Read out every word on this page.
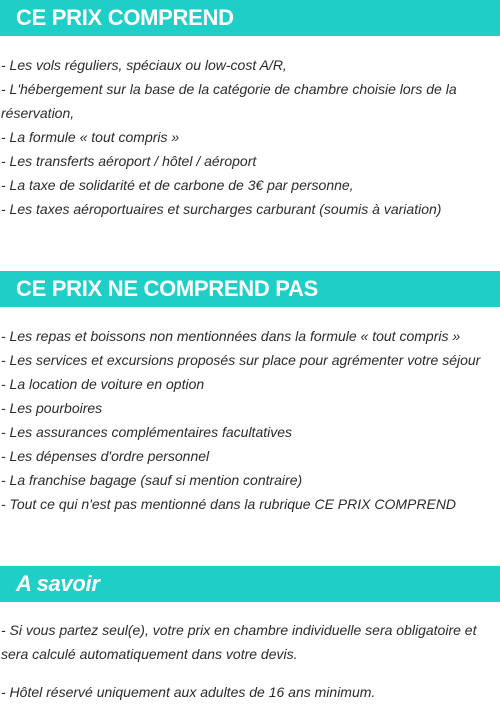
CE PRIX COMPREND
- Les vols réguliers, spéciaux ou low-cost A/R,
- L'hébergement sur la base de la catégorie de chambre choisie lors de la réservation,
- La formule « tout compris »
- Les transferts aéroport / hôtel / aéroport
- La taxe de solidarité et de carbone de 3€ par personne,
- Les taxes aéroportuaires et surcharges carburant (soumis à variation)
CE PRIX NE COMPREND PAS
- Les repas et boissons non mentionnées dans la formule « tout compris »
- Les services et excursions proposés sur place pour agrémenter votre séjour
- La location de voiture en option
- Les pourboires
- Les assurances complémentaires facultatives
- Les dépenses d'ordre personnel
- La franchise bagage (sauf si mention contraire)
- Tout ce qui n'est pas mentionné dans la rubrique CE PRIX COMPREND
A savoir
- Si vous partez seul(e), votre prix en chambre individuelle sera obligatoire et sera calculé automatiquement dans votre devis.
- Hôtel réservé uniquement aux adultes de 16 ans minimum.
